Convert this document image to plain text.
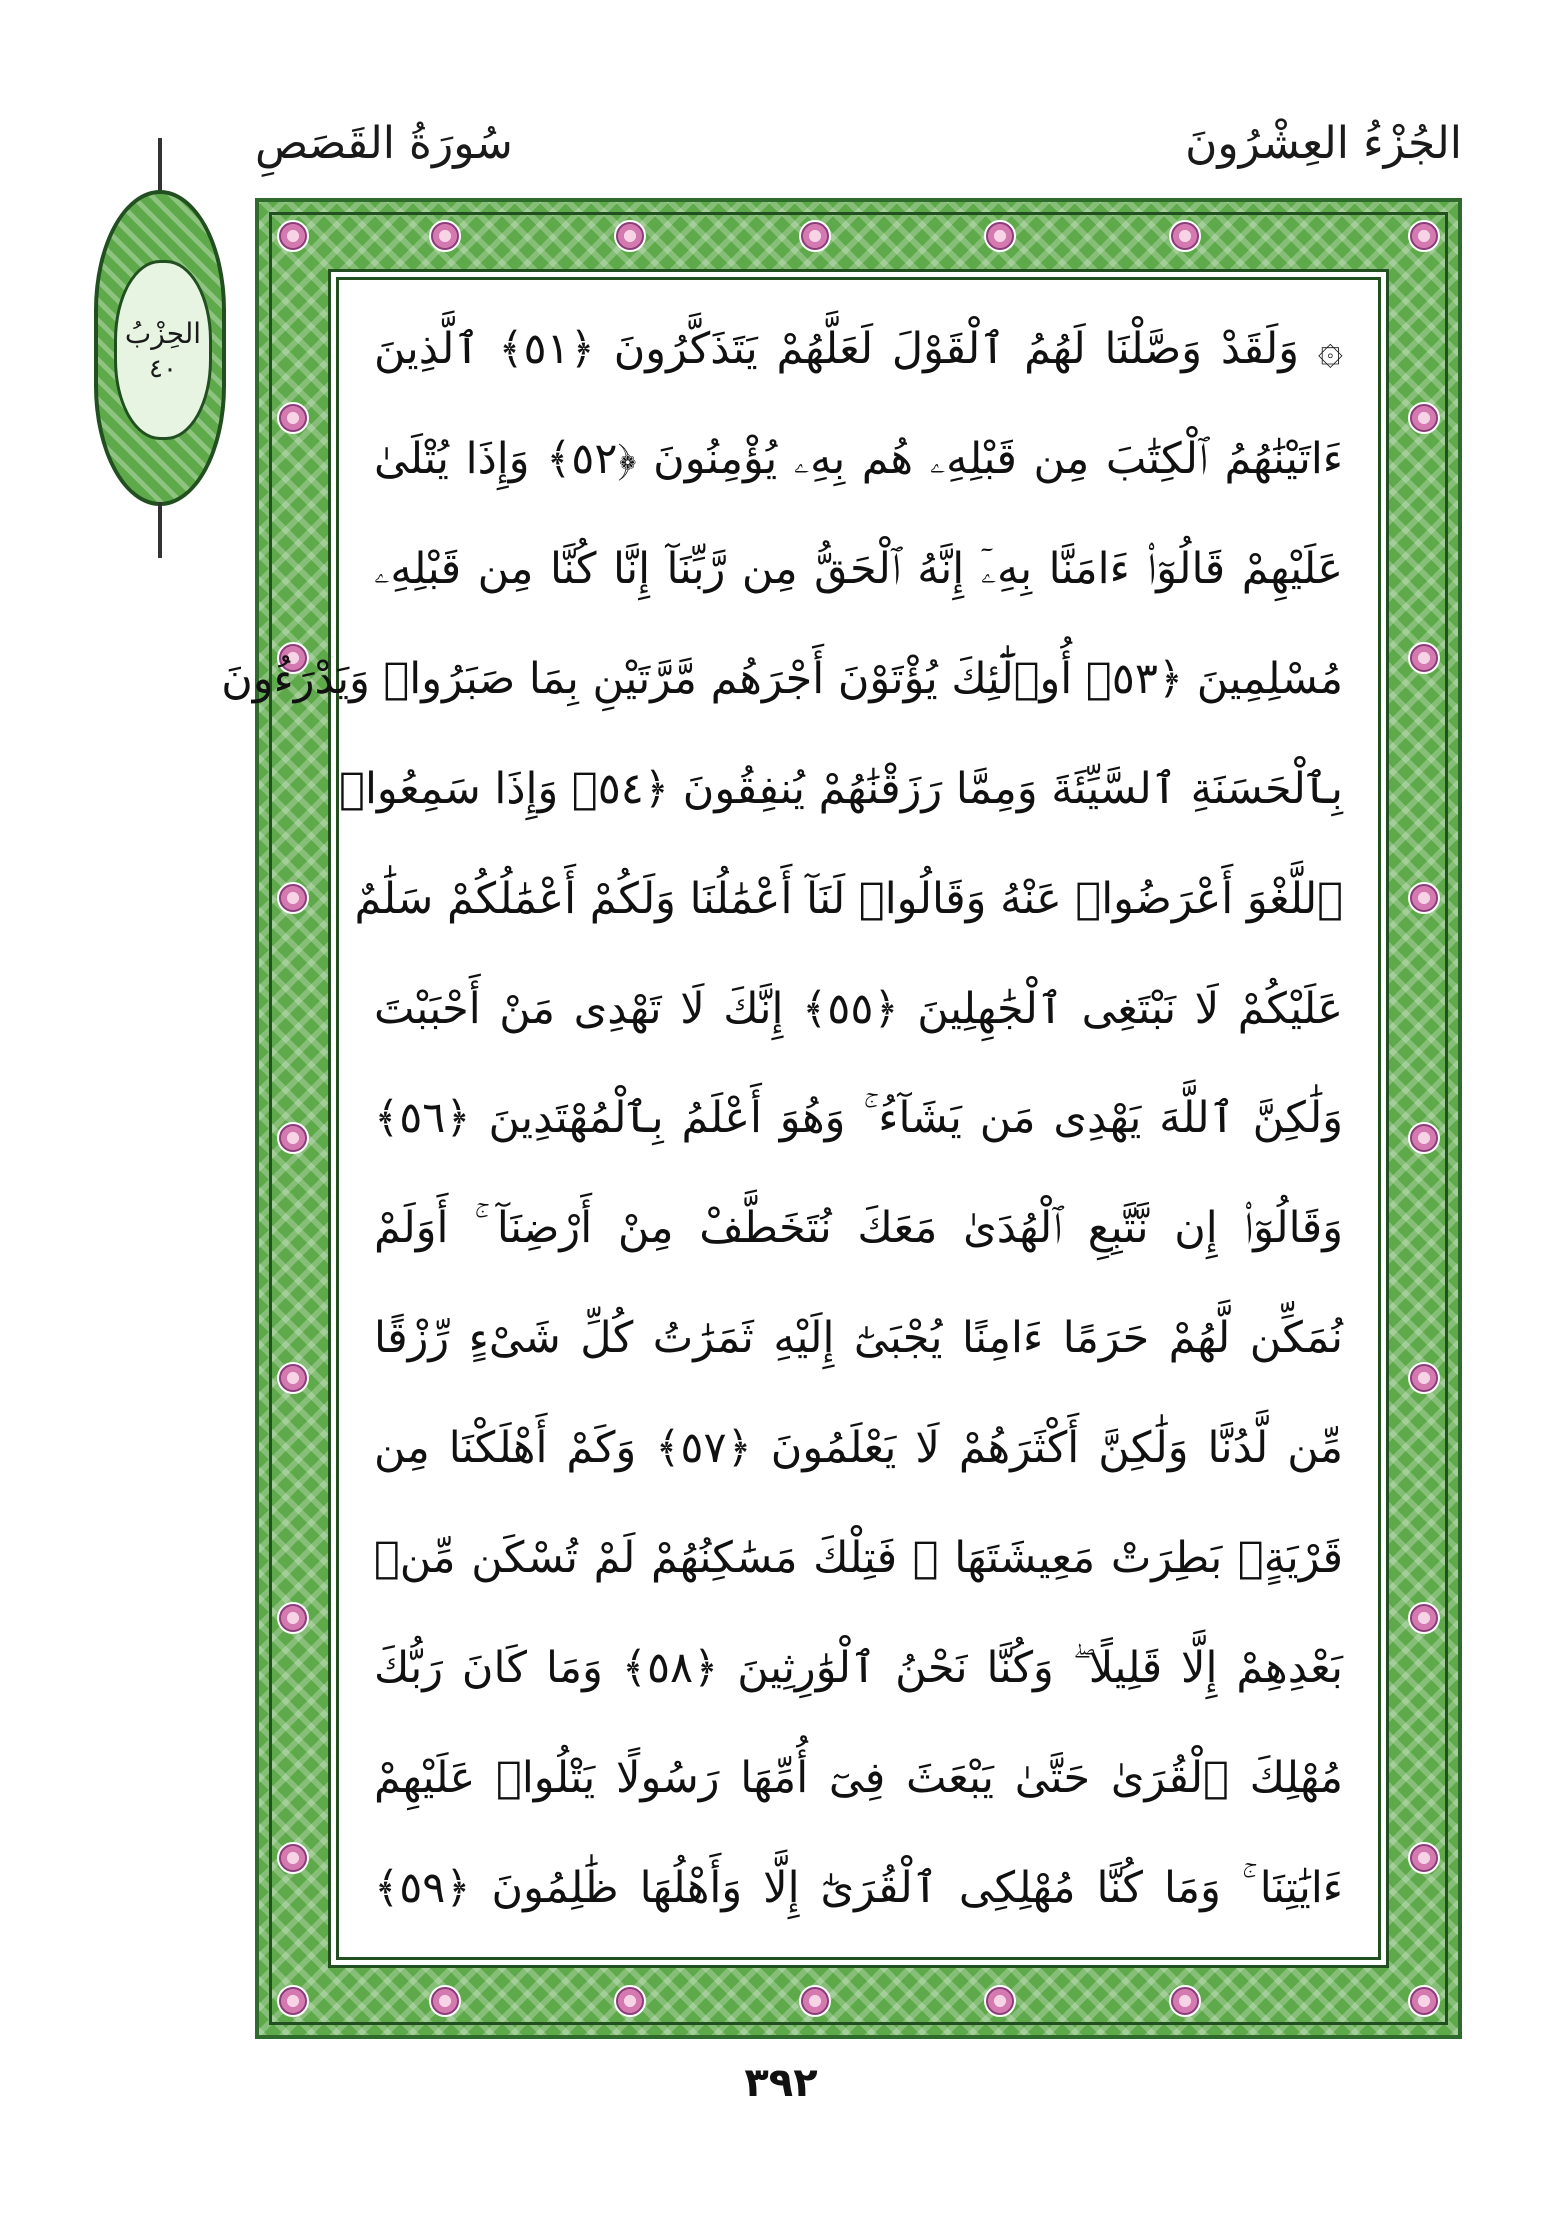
الجُزْءُ العِشْرُونَ
سُورَةُ القَصَصِ
الحِزْبُ
٤٠	۞ وَلَقَدْ وَصَّلْنَا لَهُمُ ٱلْقَوْلَ لَعَلَّهُمْ يَتَذَكَّرُونَ ﴿٥١﴾ ٱلَّذِينَ
ءَاتَيْنَٰهُمُ ٱلْكِتَٰبَ مِن قَبْلِهِۦ هُم بِهِۦ يُؤْمِنُونَ ﴿٥٢﴾ وَإِذَا يُتْلَىٰ
عَلَيْهِمْ قَالُوٓا۟ ءَامَنَّا بِهِۦٓ إِنَّهُ ٱلْحَقُّ مِن رَّبِّنَآ إِنَّا كُنَّا مِن قَبْلِهِۦ
مُسْلِمِينَ ﴿٥٣﴾ أُو۟لَٰٓئِكَ يُؤْتَوْنَ أَجْرَهُم مَّرَّتَيْنِ بِمَا صَبَرُوا۟ وَيَدْرَءُونَ
بِٱلْحَسَنَةِ ٱلسَّيِّئَةَ وَمِمَّا رَزَقْنَٰهُمْ يُنفِقُونَ ﴿٥٤﴾ وَإِذَا سَمِعُوا۟
ٱللَّغْوَ أَعْرَضُوا۟ عَنْهُ وَقَالُوا۟ لَنَآ أَعْمَٰلُنَا وَلَكُمْ أَعْمَٰلُكُمْ سَلَٰمٌ
عَلَيْكُمْ لَا نَبْتَغِى ٱلْجَٰهِلِينَ ﴿٥٥﴾ إِنَّكَ لَا تَهْدِى مَنْ أَحْبَبْتَ
وَلَٰكِنَّ ٱللَّهَ يَهْدِى مَن يَشَآءُ ۚ وَهُوَ أَعْلَمُ بِٱلْمُهْتَدِينَ ﴿٥٦﴾
وَقَالُوٓا۟ إِن نَّتَّبِعِ ٱلْهُدَىٰ مَعَكَ نُتَخَطَّفْ مِنْ أَرْضِنَآ ۚ أَوَلَمْ
نُمَكِّن لَّهُمْ حَرَمًا ءَامِنًا يُجْبَىٰٓ إِلَيْهِ ثَمَرَٰتُ كُلِّ شَىْءٍ رِّزْقًا
مِّن لَّدُنَّا وَلَٰكِنَّ أَكْثَرَهُمْ لَا يَعْلَمُونَ ﴿٥٧﴾ وَكَمْ أَهْلَكْنَا مِن
قَرْيَةٍۭ بَطِرَتْ مَعِيشَتَهَا ۖ فَتِلْكَ مَسَٰكِنُهُمْ لَمْ تُسْكَن مِّنۢ
بَعْدِهِمْ إِلَّا قَلِيلًا ۖ وَكُنَّا نَحْنُ ٱلْوَٰرِثِينَ ﴿٥٨﴾ وَمَا كَانَ رَبُّكَ
مُهْلِكَ ٱلْقُرَىٰ حَتَّىٰ يَبْعَثَ فِىٓ أُمِّهَا رَسُولًا يَتْلُوا۟ عَلَيْهِمْ
ءَايَٰتِنَا ۚ وَمَا كُنَّا مُهْلِكِى ٱلْقُرَىٰٓ إِلَّا وَأَهْلُهَا ظَٰلِمُونَ ﴿٥٩﴾
٣٩٢
